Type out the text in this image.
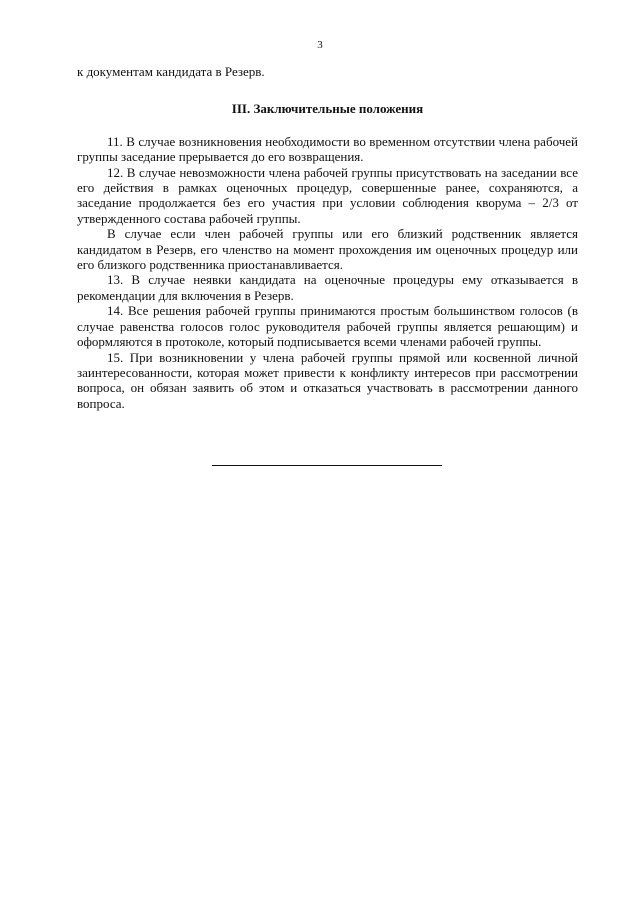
3

к документам кандидата в Резерв.

III. Заключительные положения

11. В случае возникновения необходимости во временном отсутствии члена рабочей группы заседание прерывается до его возвращения.

12. В случае невозможности члена рабочей группы присутствовать на заседании все его действия в рамках оценочных процедур, совершенные ранее, сохраняются, а заседание продолжается без его участия при условии соблюдения кворума – 2/3 от утвержденного состава рабочей группы.

В случае если член рабочей группы или его близкий родственник является кандидатом в Резерв, его членство на момент прохождения им оценочных процедур или его близкого родственника приостанавливается.

13. В случае неявки кандидата на оценочные процедуры ему отказывается в рекомендации для включения в Резерв.

14. Все решения рабочей группы принимаются простым большинством голосов (в случае равенства голосов голос руководителя рабочей группы является решающим) и оформляются в протоколе, который подписывается всеми членами рабочей группы.

15. При возникновении у члена рабочей группы прямой или косвенной личной заинтересованности, которая может привести к конфликту интересов при рассмотрении вопроса, он обязан заявить об этом и отказаться участвовать в рассмотрении данного вопроса.
